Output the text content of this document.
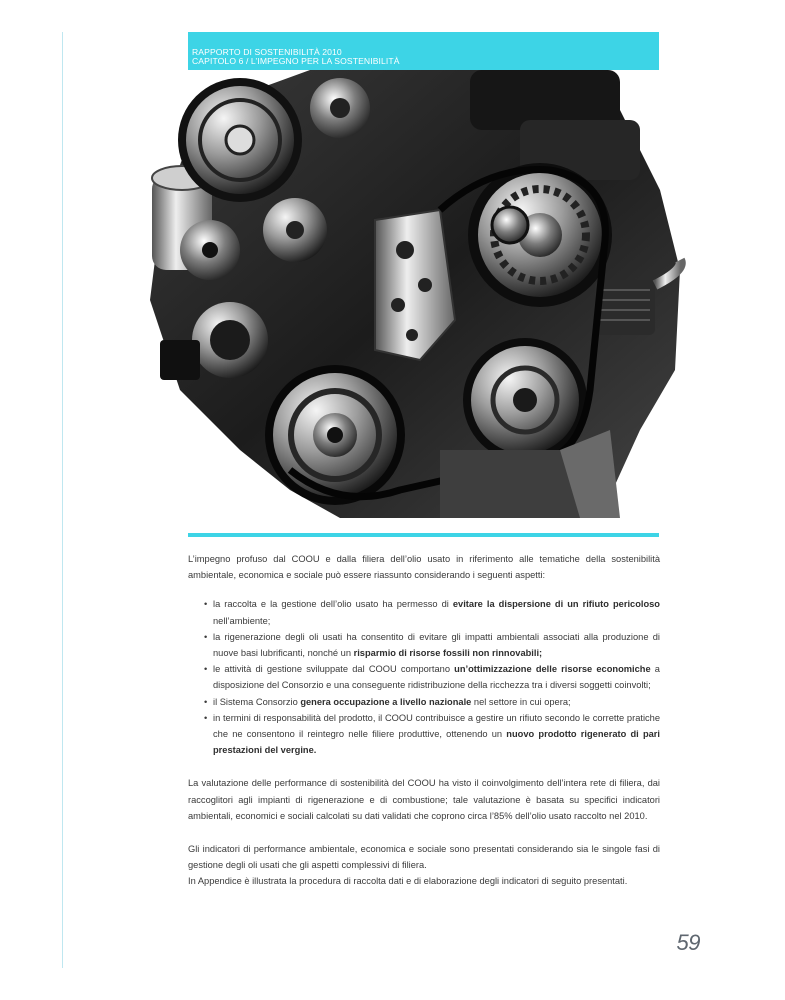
RAPPORTO DI SOSTENIBILITÀ 2010
CAPITOLO 6 / L’IMPEGNO PER LA SOSTENIBILITÀ

L’impegno profuso dal COOU e dalla filiera dell’olio usato in riferimento alle tematiche della sostenibilità ambientale, economica e sociale può essere riassunto considerando i seguenti aspetti:

• la raccolta e la gestione dell’olio usato ha permesso di evitare la dispersione di un rifiuto pericoloso nell’ambiente;
• la rigenerazione degli oli usati ha consentito di evitare gli impatti ambientali associati alla produzione di nuove basi lubrificanti, nonché un risparmio di risorse fossili non rinnovabili;
• le attività di gestione sviluppate dal COOU comportano un’ottimizzazione delle risorse economiche a disposizione del Consorzio e una conseguente ridistribuzione della ricchezza tra i diversi soggetti coinvolti;
• il Sistema Consorzio genera occupazione a livello nazionale nel settore in cui opera;
• in termini di responsabilità del prodotto, il COOU contribuisce a gestire un rifiuto secondo le corrette pratiche che ne consentono il reintegro nelle filiere produttive, ottenendo un nuovo prodotto rigenerato di pari prestazioni del vergine.

La valutazione delle performance di sostenibilità del COOU ha visto il coinvolgimento dell’intera rete di filiera, dai raccoglitori agli impianti di rigenerazione e di combustione; tale valutazione è basata su specifici indicatori ambientali, economici e sociali calcolati su dati validati che coprono circa l’85% dell’olio usato raccolto nel 2010.

Gli indicatori di performance ambientale, economica e sociale sono presentati considerando sia le singole fasi di gestione degli oli usati che gli aspetti complessivi di filiera.

In Appendice è illustrata la procedura di raccolta dati e di elaborazione degli indicatori di seguito presentati.

59
